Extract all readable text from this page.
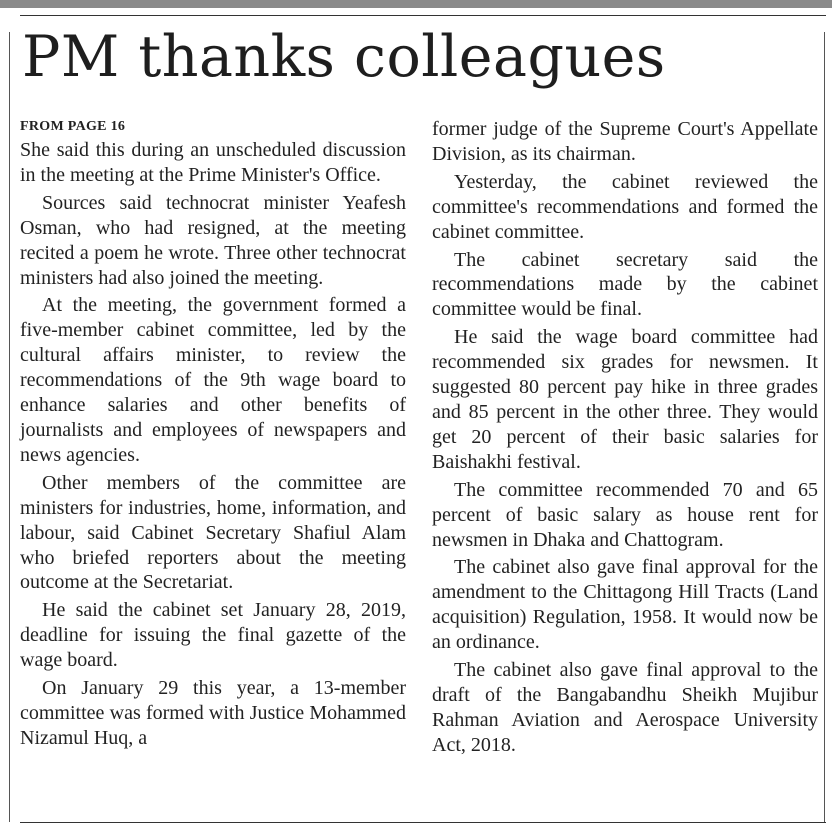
PM thanks colleagues
FROM PAGE 16

She said this during an unscheduled discussion in the meeting at the Prime Minister's Office.

Sources said technocrat minister Yeafesh Osman, who had resigned, at the meeting recited a poem he wrote. Three other technocrat ministers had also joined the meeting.

At the meeting, the government formed a five-member cabinet committee, led by the cultural affairs minister, to review the recommendations of the 9th wage board to enhance salaries and other benefits of journalists and employees of newspapers and news agencies.

Other members of the committee are ministers for industries, home, information, and labour, said Cabinet Secretary Shafiul Alam who briefed reporters about the meeting outcome at the Secretariat.

He said the cabinet set January 28, 2019, deadline for issuing the final gazette of the wage board.

On January 29 this year, a 13-member committee was formed with Justice Mohammed Nizamul Huq, a

former judge of the Supreme Court's Appellate Division, as its chairman.

Yesterday, the cabinet reviewed the committee's recommendations and formed the cabinet committee.

The cabinet secretary said the recommendations made by the cabinet committee would be final.

He said the wage board committee had recommended six grades for newsmen. It suggested 80 percent pay hike in three grades and 85 percent in the other three. They would get 20 percent of their basic salaries for Baishakhi festival.

The committee recommended 70 and 65 percent of basic salary as house rent for newsmen in Dhaka and Chattogram.

The cabinet also gave final approval for the amendment to the Chittagong Hill Tracts (Land acquisition) Regulation, 1958. It would now be an ordinance.

The cabinet also gave final approval to the draft of the Bangabandhu Sheikh Mujibur Rahman Aviation and Aerospace University Act, 2018.
